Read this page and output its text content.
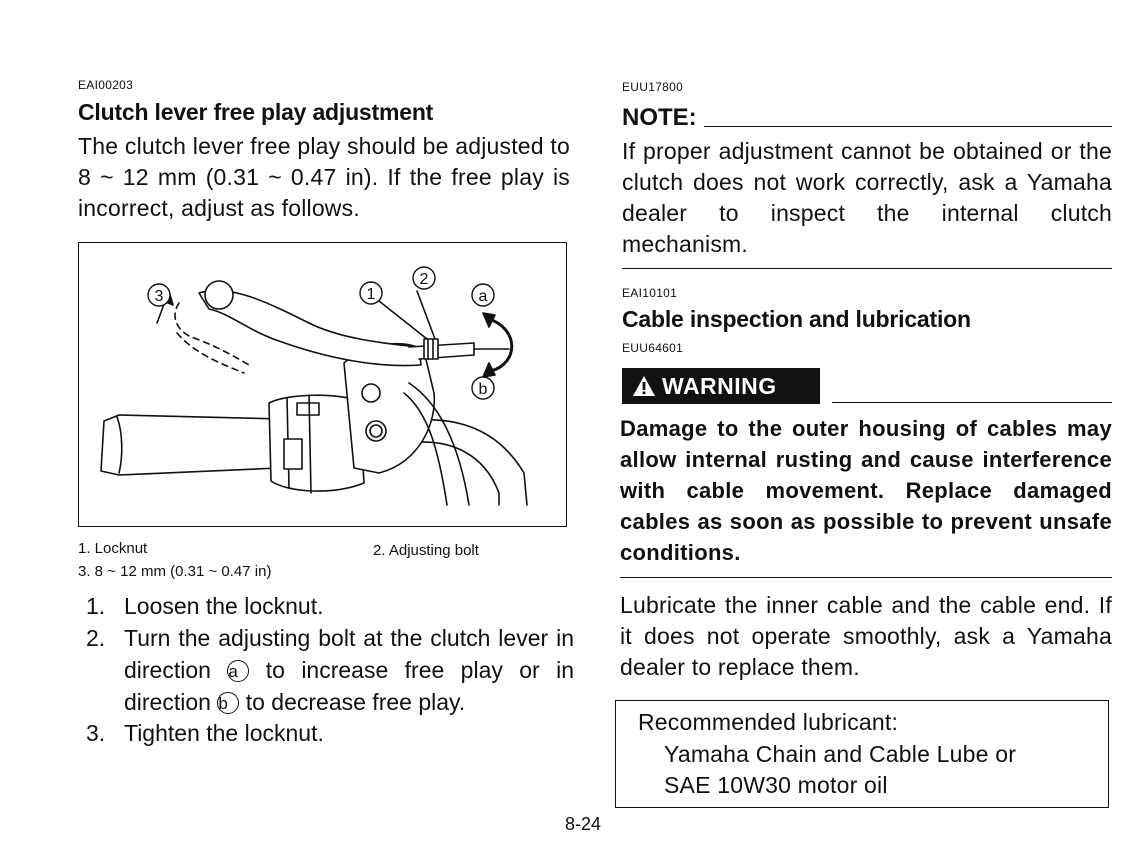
EAI00203
Clutch lever free play adjustment
The clutch lever free play should be adjusted to 8 ~ 12 mm (0.31 ~ 0.47 in). If the free play is incorrect, adjust as follows.
3	1
2
a
b
1. Locknut	2. Adjusting bolt
3. 8 ~ 12 mm (0.31 ~ 0.47 in)
1. Loosen the locknut.
2. Turn the adjusting bolt at the clutch lever in direction a to increase free play or in direction b to decrease free play.
3. Tighten the locknut.
EUU17800
NOTE:
If proper adjustment cannot be obtained or the clutch does not work correctly, ask a Yamaha dealer to inspect the internal clutch mechanism.
EAI10101
Cable inspection and lubrication
EUU64601
WARNING
Damage to the outer housing of cables may allow internal rusting and cause interference with cable movement. Replace damaged cables as soon as possible to prevent unsafe conditions.
Lubricate the inner cable and the cable end. If it does not operate smoothly, ask a Yamaha dealer to replace them.
Recommended lubricant:
Yamaha Chain and Cable Lube or
SAE 10W30 motor oil
8-24
